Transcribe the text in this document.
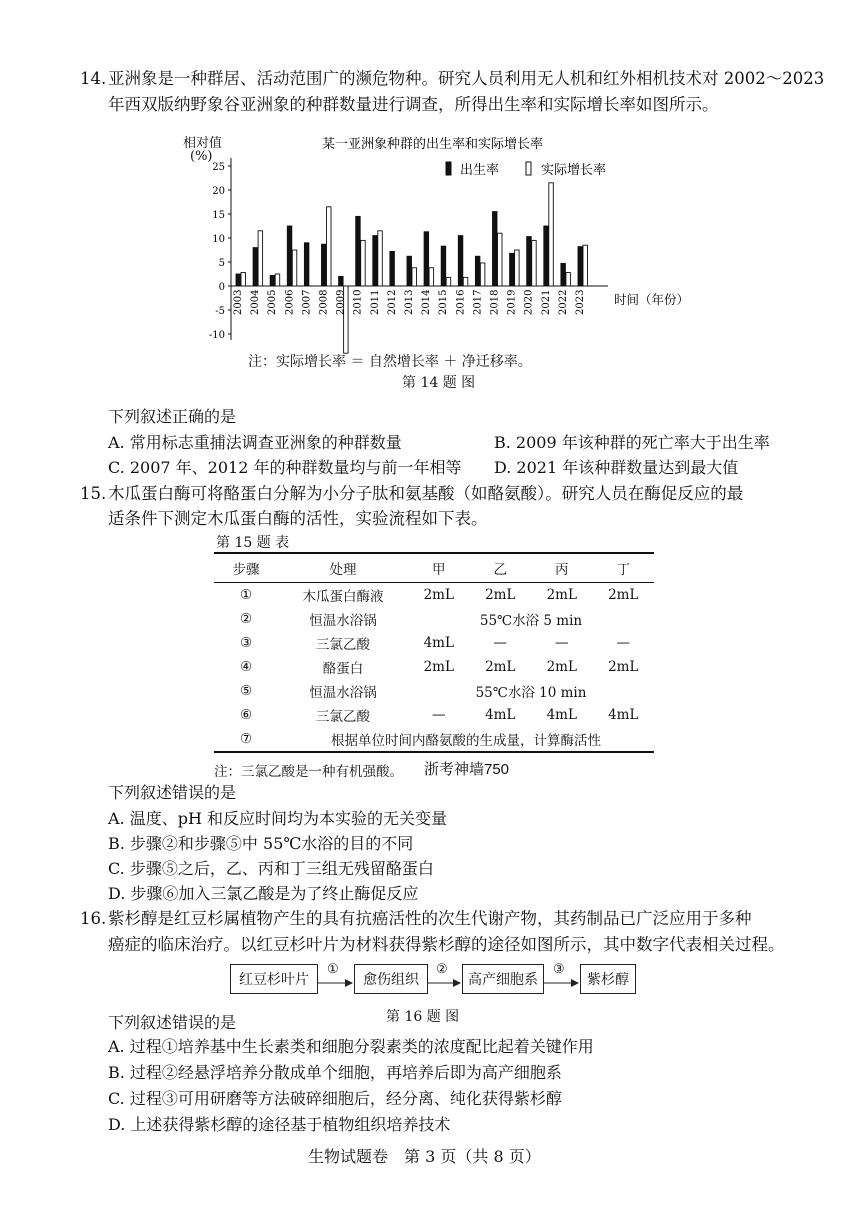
14. 亚洲象是一种群居、活动范围广的濒危物种。研究人员利用无人机和红外相机技术对 2002～2023
年西双版纳野象谷亚洲象的种群数量进行调查，所得出生率和实际增长率如图所示。
相对值
(%)
某一亚洲象种群的出生率和实际增长率
25
20
15
10
5
0
-5
-10
2003 2004 2005 2006 2007 2008 2009 2010 2011 2012 2013 2014 2015 2016 2017 2018 2019 2020 2021 2022 2023 时间（年份）
出生率	实际增长率
注：实际增长率 ＝ 自然增长率 ＋ 净迁移率。
第 14 题 图
下列叙述正确的是
A. 常用标志重捕法调查亚洲象的种群数量	B. 2009 年该种群的死亡率大于出生率
C. 2007 年、2012 年的种群数量均与前一年相等 D. 2021 年该种群数量达到最大值
15. 木瓜蛋白酶可将酪蛋白分解为小分子肽和氨基酸（如酪氨酸）。研究人员在酶促反应的最
适条件下测定木瓜蛋白酶的活性，实验流程如下表。
第 15 题 表
步骤	处理	甲	乙	丙	丁
①	木瓜蛋白酶液	2mL	2mL	2mL	2mL
②	恒温水浴锅	55℃水浴 5 min			
③	三氯乙酸	4mL	—	—	—
④	酪蛋白	2mL	2mL	2mL	2mL
⑤	恒温水浴锅	55℃水浴 10 min			
⑥	三氯乙酸	—	4mL	4mL	4mL
⑦	根据单位时间内酪氨酸的生成量，计算酶活性				
注：三氯乙酸是一种有机强酸。 浙考神墙750
下列叙述错误的是
A. 温度、pH 和反应时间均为本实验的无关变量
B. 步骤②和步骤⑤中 55℃水浴的目的不同
C. 步骤⑤之后，乙、丙和丁三组无残留酪蛋白
D. 步骤⑥加入三氯乙酸是为了终止酶促反应
16. 紫杉醇是红豆杉属植物产生的具有抗癌活性的次生代谢产物，其药制品已广泛应用于多种
癌症的临床治疗。以红豆杉叶片为材料获得紫杉醇的途径如图所示，其中数字代表相关过程。
红豆杉叶片	愈伤组织	高产细胞系	紫杉醇
①	②	③
第 16 题 图
下列叙述错误的是
A. 过程①培养基中生长素类和细胞分裂素类的浓度配比起着关键作用
B. 过程②经悬浮培养分散成单个细胞，再培养后即为高产细胞系
C. 过程③可用研磨等方法破碎细胞后，经分离、纯化获得紫杉醇
D. 上述获得紫杉醇的途径基于植物组织培养技术
生物试题卷　第 3 页（共 8 页）
